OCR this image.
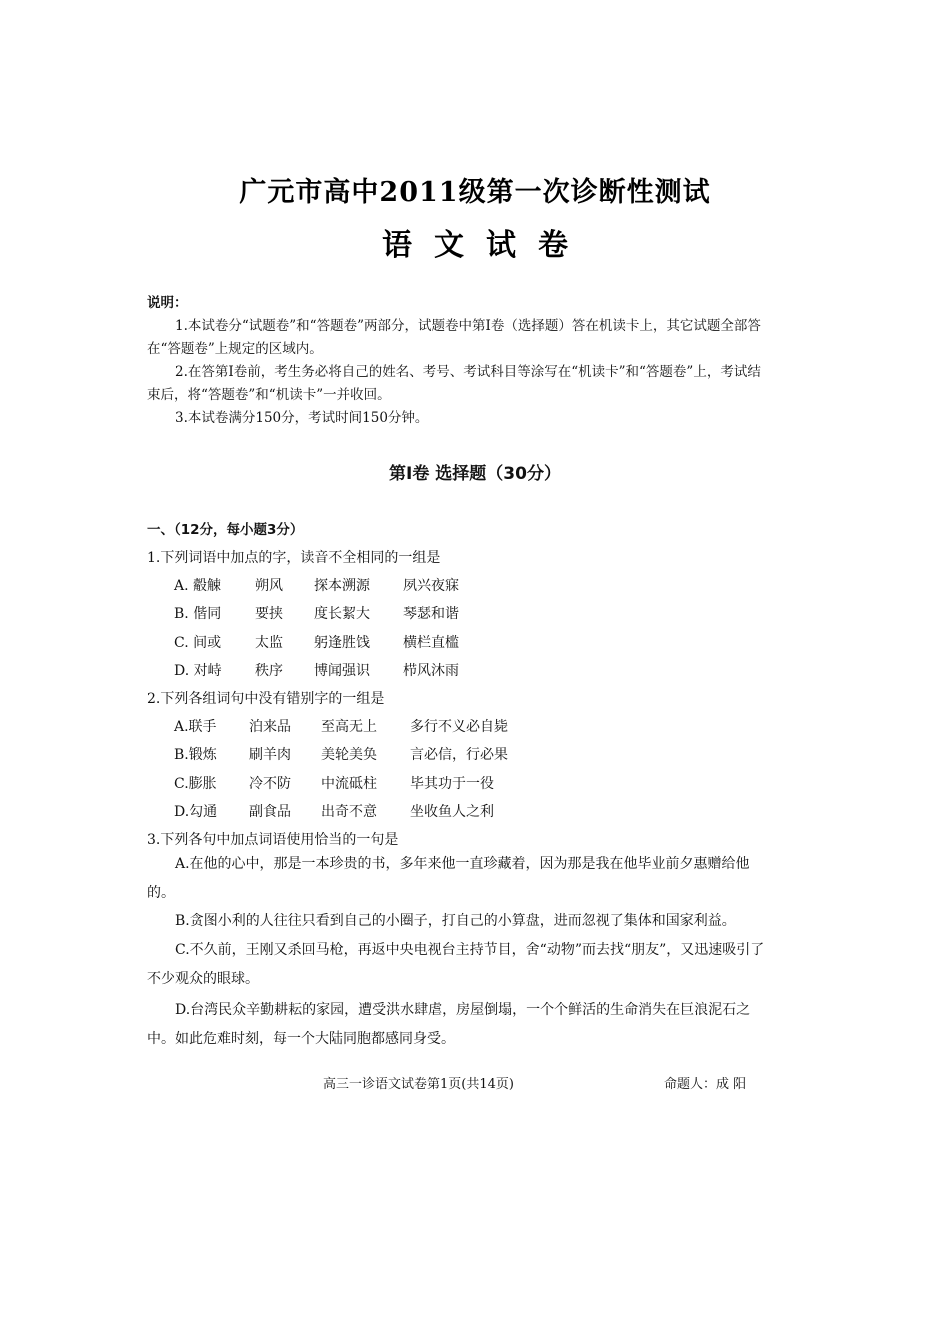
广元市高中2011级第一次诊断性测试
语文试卷

说明：

1.本试卷分“试题卷”和“答题卷”两部分，试题卷中第Ⅰ卷（选择题）答在机读卡上，其它试题全部答在“答题卷”上规定的区域内。

2.在答第Ⅰ卷前，考生务必将自己的姓名、考号、考试科目等涂写在“机读卡”和“答题卷”上，考试结束后，将“答题卷”和“机读卡”一并收回。

3.本试卷满分150分，考试时间150分钟。

第Ⅰ卷 选择题（30分）
一、（12分，每小题3分）
1.下列词语中加点的字，读音不全相同的一组是
A. 觳觫 朔风 探本溯源 夙兴夜寐
B. 偕同 要挟 度长絜大 琴瑟和谐
C. 间或 太监 躬逢胜饯 横栏直槛
D. 对峙 秩序 博闻强识 栉风沐雨
2.下列各组词句中没有错别字的一组是
A.联手 泊来品 至高无上 多行不义必自毙
B.锻炼 刷羊肉 美轮美奂 言必信，行必果
C.膨胀 冷不防 中流砥柱 毕其功于一役
D.勾通 副食品 出奇不意 坐收鱼人之利
3.下列各句中加点词语使用恰当的一句是

A.在他的心中，那是一本珍贵的书，多年来他一直珍藏着，因为那是我在他毕业前夕惠赠给他的。

B.贪图小利的人往往只看到自己的小圈子，打自己的小算盘，进而忽视了集体和国家利益。

C.不久前，王刚又杀回马枪，再返中央电视台主持节目，舍“动物”而去找“朋友”，又迅速吸引了不少观众的眼球。

D.台湾民众辛勤耕耘的家园，遭受洪水肆虐，房屋倒塌，一个个鲜活的生命消失在巨浪泥石之中。如此危难时刻，每一个大陆同胞都感同身受。

高三一诊语文试卷第1页(共14页)	命题人：成 阳
